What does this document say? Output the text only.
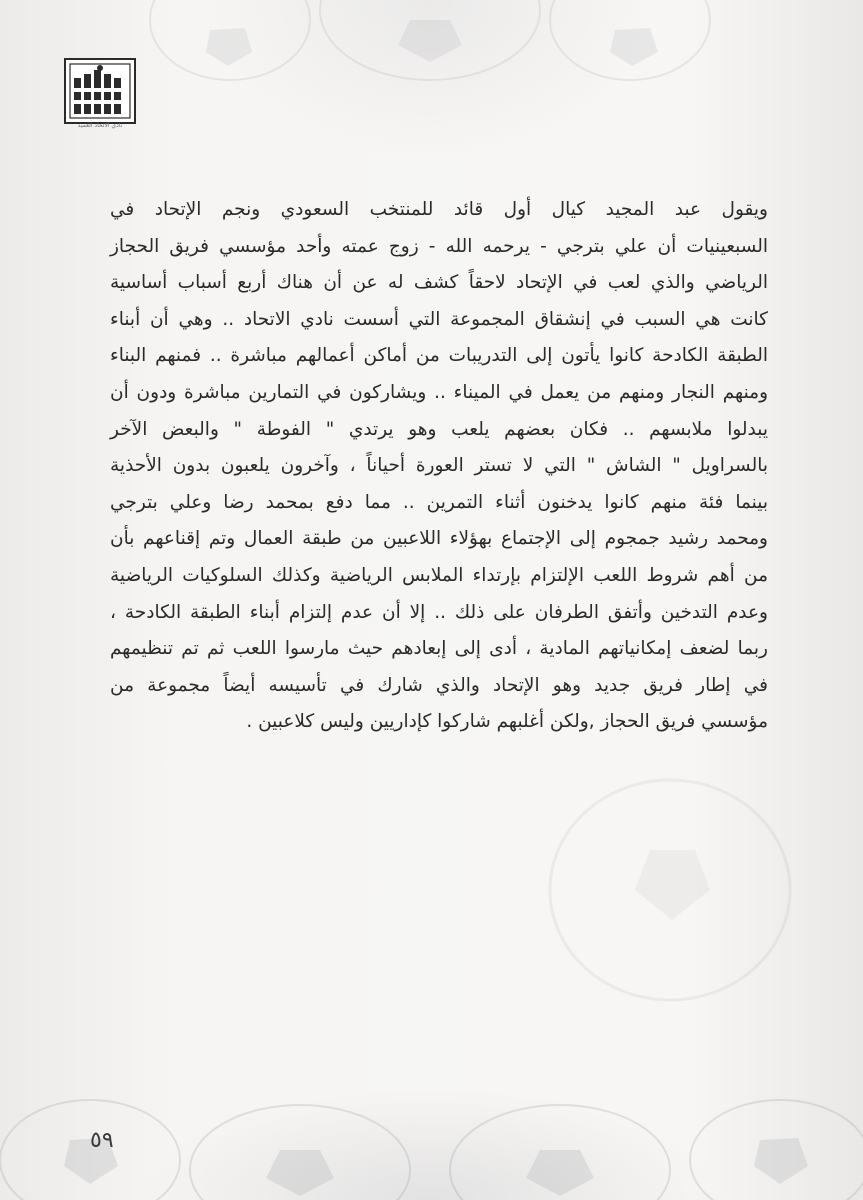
نادي الاتحاد العميد
ويقول عبد المجيد كيال أول قائد للمنتخب السعودي ونجم الإتحاد في
السبعينيات أن علي بترجي - يرحمه الله - زوج عمته وأحد مؤسسي فريق الحجاز
الرياضي والذي لعب في الإتحاد لاحقاً كشف له عن أن هناك أربع أسباب أساسية
كانت هي السبب في إنشقاق المجموعة التي أسست نادي الاتحاد .. وهي أن أبناء
الطبقة الكادحة كانوا يأتون إلى التدريبات من أماكن أعمالهم مباشرة .. فمنهم البناء
ومنهم النجار ومنهم من يعمل في الميناء .. ويشاركون في التمارين مباشرة ودون أن
يبدلوا ملابسهم .. فكان بعضهم يلعب وهو يرتدي " الفوطة " والبعض الآخر
بالسراويل " الشاش " التي لا تستر العورة أحياناً ، وآخرون يلعبون بدون الأحذية
بينما فئة منهم كانوا يدخنون أثناء التمرين .. مما دفع بمحمد رضا وعلي بترجي
ومحمد رشيد جمجوم إلى الإجتماع بهؤلاء اللاعبين من طبقة العمال وتم إقناعهم بأن
من أهم شروط اللعب الإلتزام بإرتداء الملابس الرياضية وكذلك السلوكيات الرياضية
وعدم التدخين وأتفق الطرفان على ذلك .. إلا أن عدم إلتزام أبناء الطبقة الكادحة ،
ربما لضعف إمكانياتهم المادية ، أدى إلى إبعادهم حيث مارسوا اللعب ثم تم تنظيمهم
في إطار فريق جديد وهو الإتحاد والذي شارك في تأسيسه أيضاً مجموعة من
مؤسسي فريق الحجاز ,ولكن أغلبهم شاركوا كإداريين وليس كلاعبين .
٥٩
